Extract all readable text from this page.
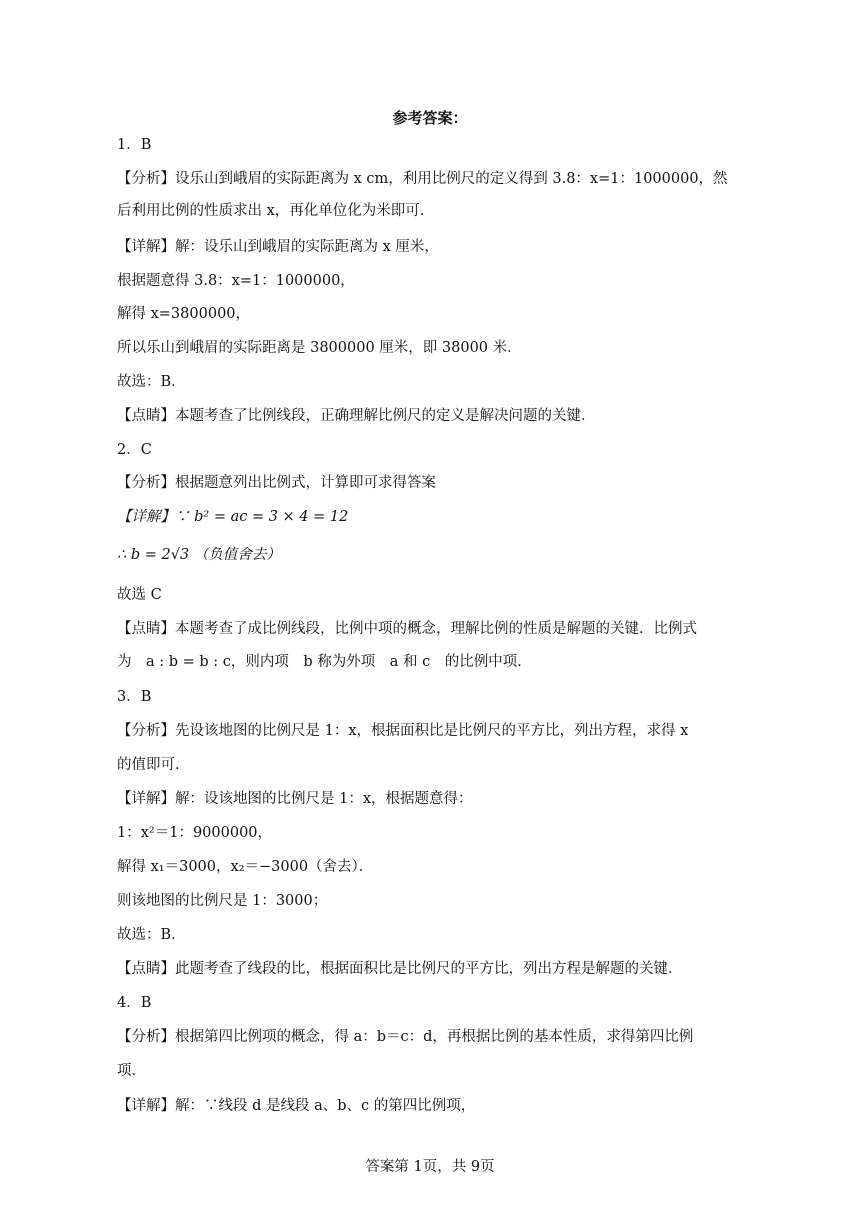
参考答案：
1．B
【分析】设乐山到峨眉的实际距离为 x cm，利用比例尺的定义得到 3.8：x=1：1000000，然
后利用比例的性质求出 x，再化单位化为米即可．
【详解】解：设乐山到峨眉的实际距离为 x 厘米，
根据题意得 3.8：x=1：1000000，
解得 x=3800000，
所以乐山到峨眉的实际距离是 3800000 厘米，即 38000 米．
故选：B．
【点睛】本题考查了比例线段，正确理解比例尺的定义是解决问题的关键．
2．C
【分析】根据题意列出比例式，计算即可求得答案
【详解】∵ b² = ac = 3 × 4 = 12
∴ b = 2√3 （负值舍去）
故选 C
【点睛】本题考查了成比例线段，比例中项的概念，理解比例的性质是解题的关键．比例式
为　a : b = b : c，则内项　b 称为外项　a 和 c　的比例中项．
3．B
【分析】先设该地图的比例尺是 1：x，根据面积比是比例尺的平方比，列出方程，求得 x
的值即可．
【详解】解：设该地图的比例尺是 1：x，根据题意得：
1：x²＝1：9000000，
解得 x₁＝3000，x₂＝−3000（舍去）．
则该地图的比例尺是 1：3000；
故选：B．
【点睛】此题考查了线段的比，根据面积比是比例尺的平方比，列出方程是解题的关键．
4．B
【分析】根据第四比例项的概念，得 a：b＝c：d，再根据比例的基本性质，求得第四比例
项．
【详解】解：∵线段 d 是线段 a、b、c 的第四比例项，
答案第 1页，共 9页
